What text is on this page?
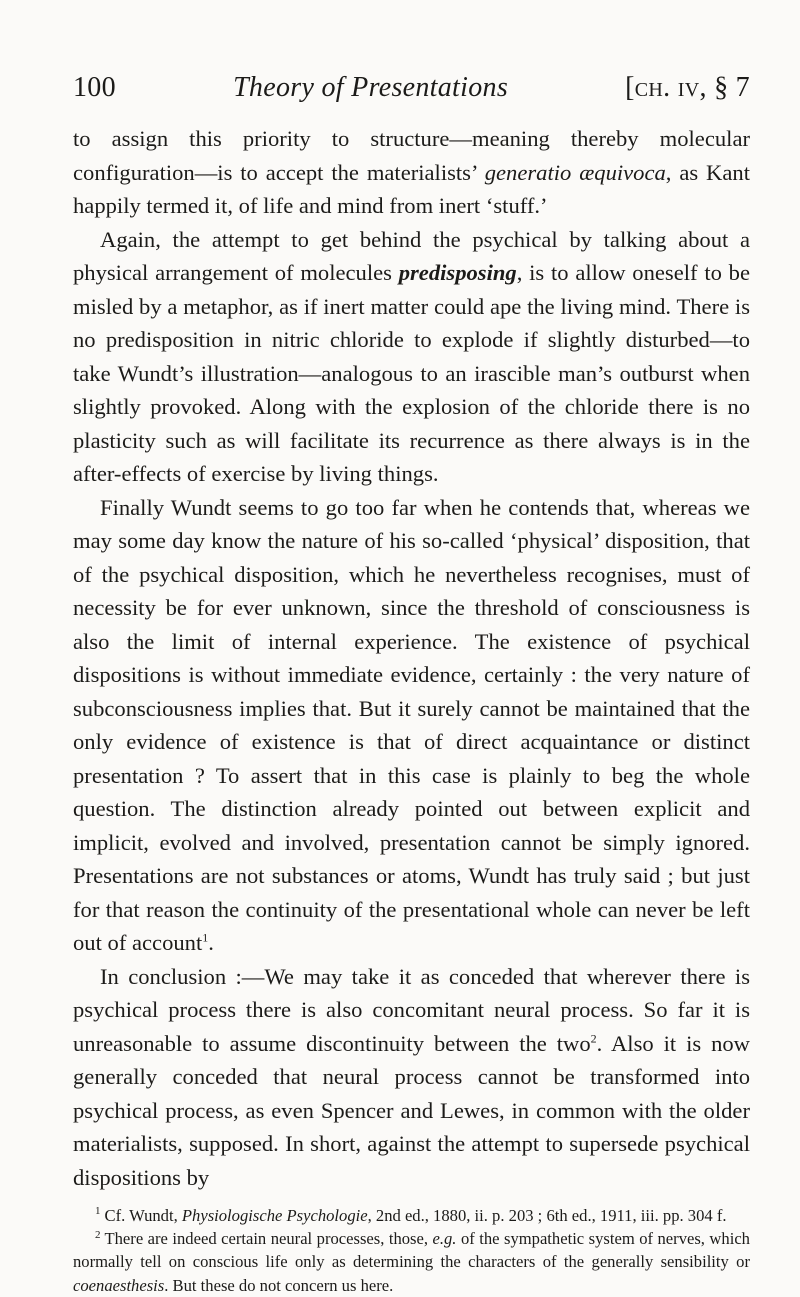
100	Theory of Presentations	[ch. iv, § 7

to assign this priority to structure—meaning thereby molecular configuration—is to accept the materialists’ generatio æquivoca, as Kant happily termed it, of life and mind from inert ‘stuff.’

Again, the attempt to get behind the psychical by talking about a physical arrangement of molecules predisposing, is to allow oneself to be misled by a metaphor, as if inert matter could ape the living mind. There is no predisposition in nitric chloride to explode if slightly disturbed—to take Wundt’s illustration—analogous to an irascible man’s outburst when slightly provoked. Along with the explosion of the chloride there is no plasticity such as will facilitate its recurrence as there always is in the after-effects of exercise by living things.

Finally Wundt seems to go too far when he contends that, whereas we may some day know the nature of his so-called ‘physical’ disposition, that of the psychical disposition, which he nevertheless recognises, must of necessity be for ever unknown, since the threshold of consciousness is also the limit of internal experience. The existence of psychical dispositions is without immediate evidence, certainly : the very nature of subconsciousness implies that. But it surely cannot be maintained that the only evidence of existence is that of direct acquaintance or distinct presentation ? To assert that in this case is plainly to beg the whole question. The distinction already pointed out between explicit and implicit, evolved and involved, presentation cannot be simply ignored. Presentations are not substances or atoms, Wundt has truly said ; but just for that reason the continuity of the presentational whole can never be left out of account$^1$.

In conclusion :—We may take it as conceded that wherever there is psychical process there is also concomitant neural process. So far it is unreasonable to assume discontinuity between the two$^2$. Also it is now generally conceded that neural process cannot be transformed into psychical process, as even Spencer and Lewes, in common with the older materialists, supposed. In short, against the attempt to supersede psychical dispositions by

$^1$ Cf. Wundt, Physiologische Psychologie, 2nd ed., 1880, ii. p. 203 ; 6th ed., 1911, iii. pp. 304 f.

$^2$ There are indeed certain neural processes, those, e.g. of the sympathetic system of nerves, which normally tell on conscious life only as determining the characters of the generally sensibility or coenaesthesis. But these do not concern us here.
